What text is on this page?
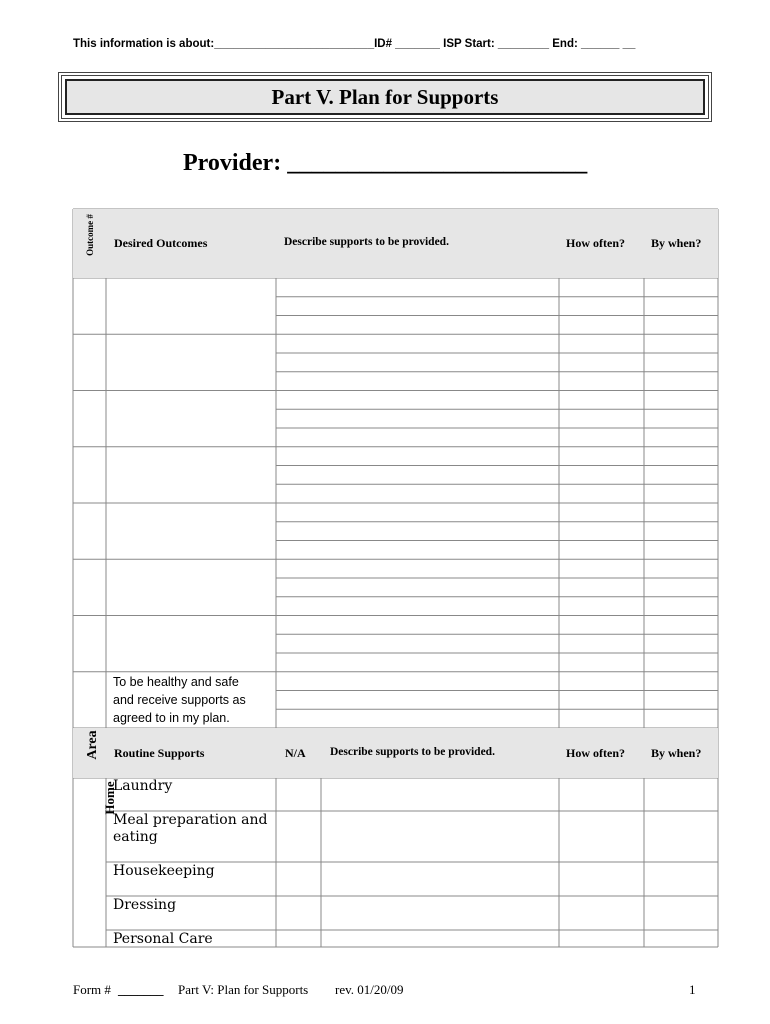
This information is about:_________________________ID# _______ ISP Start: ________ End: ______ __
Part V. Plan for Supports
Provider: _________________________
Outcome #	Desired Outcomes	Describe supports to be provided.	How often? By when?
To be healthy and safe
and receive supports as
agreed to in my plan.
Area Routine Supports	N/A Describe supports to be provided.	How often? By when?
Home
Laundry
Meal preparation and
eating
Housekeeping
Dressing
Personal Care
Form # _______ Part V: Plan for Supports rev. 01/20/09	1
